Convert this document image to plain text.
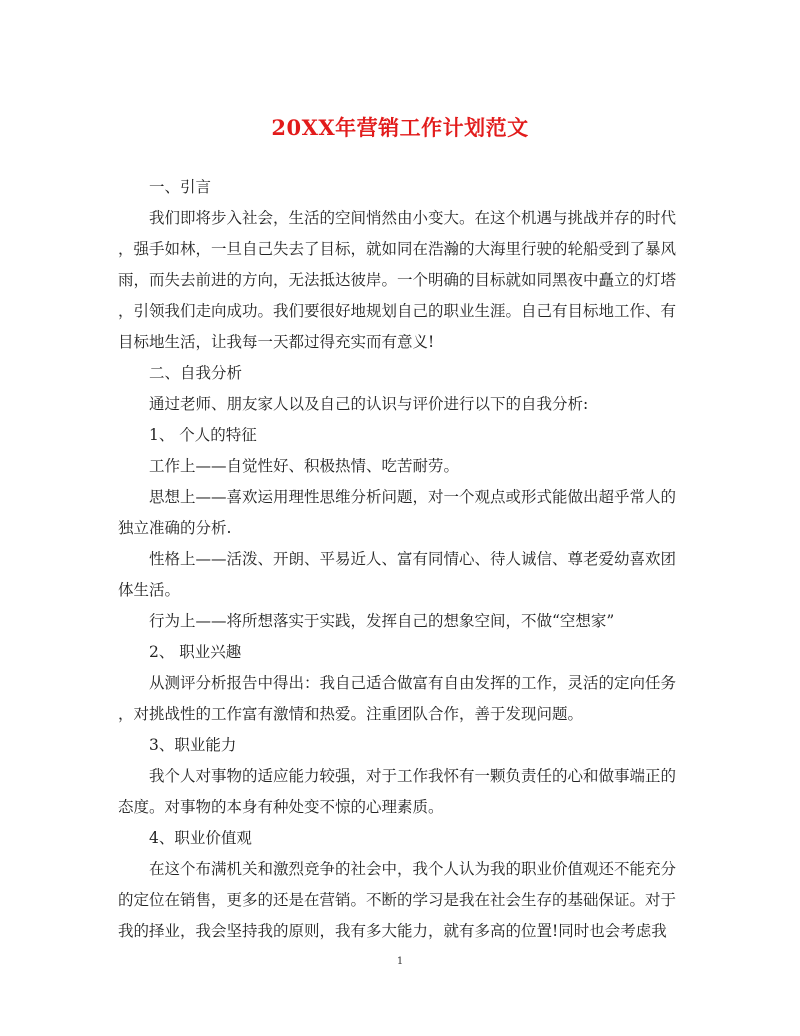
20XX年营销工作计划范文
一、引言
我们即将步入社会，生活的空间悄然由小变大。在这个机遇与挑战并存的时代
，强手如林，一旦自己失去了目标，就如同在浩瀚的大海里行驶的轮船受到了暴风
雨，而失去前进的方向，无法抵达彼岸。一个明确的目标就如同黑夜中矗立的灯塔
，引领我们走向成功。我们要很好地规划自己的职业生涯。自己有目标地工作、有
目标地生活，让我每一天都过得充实而有意义!
二、自我分析
通过老师、朋友家人以及自己的认识与评价进行以下的自我分析:
1、 个人的特征
工作上——自觉性好、积极热情、吃苦耐劳。
思想上——喜欢运用理性思维分析问题，对一个观点或形式能做出超乎常人的
独立准确的分析.
性格上——活泼、开朗、平易近人、富有同情心、待人诚信、尊老爱幼喜欢团
体生活。
行为上——将所想落实于实践，发挥自己的想象空间，不做“空想家”
2、 职业兴趣
从测评分析报告中得出：我自己适合做富有自由发挥的工作，灵活的定向任务
，对挑战性的工作富有激情和热爱。注重团队合作，善于发现问题。
3、职业能力
我个人对事物的适应能力较强，对于工作我怀有一颗负责任的心和做事端正的
态度。对事物的本身有种处变不惊的心理素质。
4、职业价值观
在这个布满机关和激烈竞争的社会中，我个人认为我的职业价值观还不能充分
的定位在销售，更多的还是在营销。不断的学习是我在社会生存的基础保证。对于
我的择业，我会坚持我的原则，我有多大能力，就有多高的位置!同时也会考虑我
1
